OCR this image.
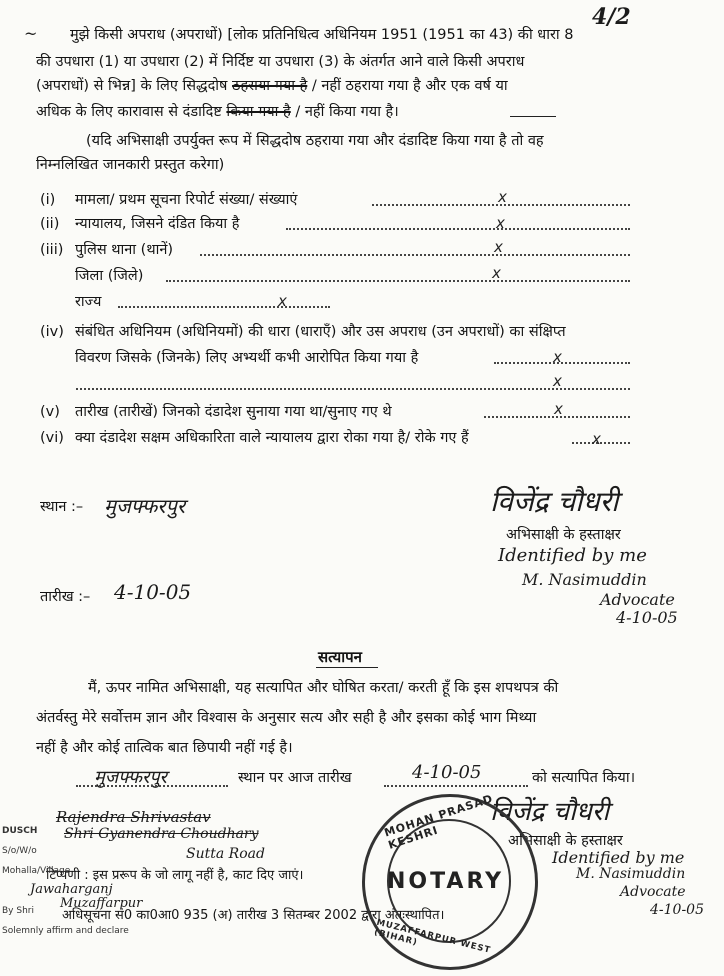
4/2
~ मुझे किसी अपराध (अपराधों) [लोक प्रतिनिधित्व अधिनियम 1951 (1951 का 43) की धारा 8
की उपधारा (1) या उपधारा (2) में निर्दिष्ट या उपधारा (3) के अंतर्गत आने वाले किसी अपराध
(अपराधों) से भिन्न] के लिए सिद्धदोष ठहराया गया है / नहीं ठहराया गया है और एक वर्ष या
अधिक के लिए कारावास से दंडादिष्ट किया गया है / नहीं किया गया है।
(यदि अभिसाक्षी उपर्युक्त रूप में सिद्धदोष ठहराया गया और दंडादिष्ट किया गया है तो वह
निम्नलिखित जानकारी प्रस्तुत करेगा)
(i) मामला/ प्रथम सूचना रिपोर्ट संख्या/ संख्याएं	x
(ii) न्यायालय, जिसने दंडित किया है	x
(iii) पुलिस थाना (थानें)	x
जिला (जिले)	x
राज्य	x
(iv) संबंधित अधिनियम (अधिनियमों) की धारा (धाराएँ) और उस अपराध (उन अपराधों) का संक्षिप्त
विवरण जिसके (जिनके) लिए अभ्यर्थी कभी आरोपित किया गया है	x
x
(v) तारीख (तारीखें) जिनको दंडादेश सुनाया गया था/सुनाए गए थे	x
(vi) क्या दंडादेश सक्षम अधिकारिता वाले न्यायालय द्वारा रोका गया है/ रोके गए हैं	x
स्थान :– मुजफ्फरपुर
तारीख :– 4-10-05
विजेंद्र चौधरी
अभिसाक्षी के हस्ताक्षर
Identified by me
M. Nasimuddin
Advocate
4-10-05
सत्यापन
मैं, ऊपर नामित अभिसाक्षी, यह सत्यापित और घोषित करता/ करती हूँ कि इस शपथपत्र की
अंतर्वस्तु मेरे सर्वोत्तम ज्ञान और विश्वास के अनुसार सत्य और सही है और इसका कोई भाग मिथ्या
नहीं है और कोई तात्विक बात छिपायी नहीं गई है।
मुजफ्फरपुर	स्थान पर आज तारीख	4-10-05	को सत्यापित किया।
विजेंद्र चौधरी
अभिसाक्षी के हस्ताक्षर
Identified by me
M. Nasimuddin
Advocate
4-10-05
टिप्पणी : इस प्ररूप के जो लागू नहीं है, काट दिए जाएं।
अधिसूचना सं0 का0आ0 935 (अ) तारीख 3 सितम्बर 2002 द्वारा अंतःस्थापित।
DUSCH
S/o/W/o
Mohalla/Village
By Shri
Solemnly affirm and declare
Rajendra Shrivastav
Shri Gyanendra Choudhary
Sutta Road
Jawaharganj
Muzaffarpur
MOHAN PRASAD KESHRI
NOTARY
MUZAFFARPUR WEST (BIHAR)
